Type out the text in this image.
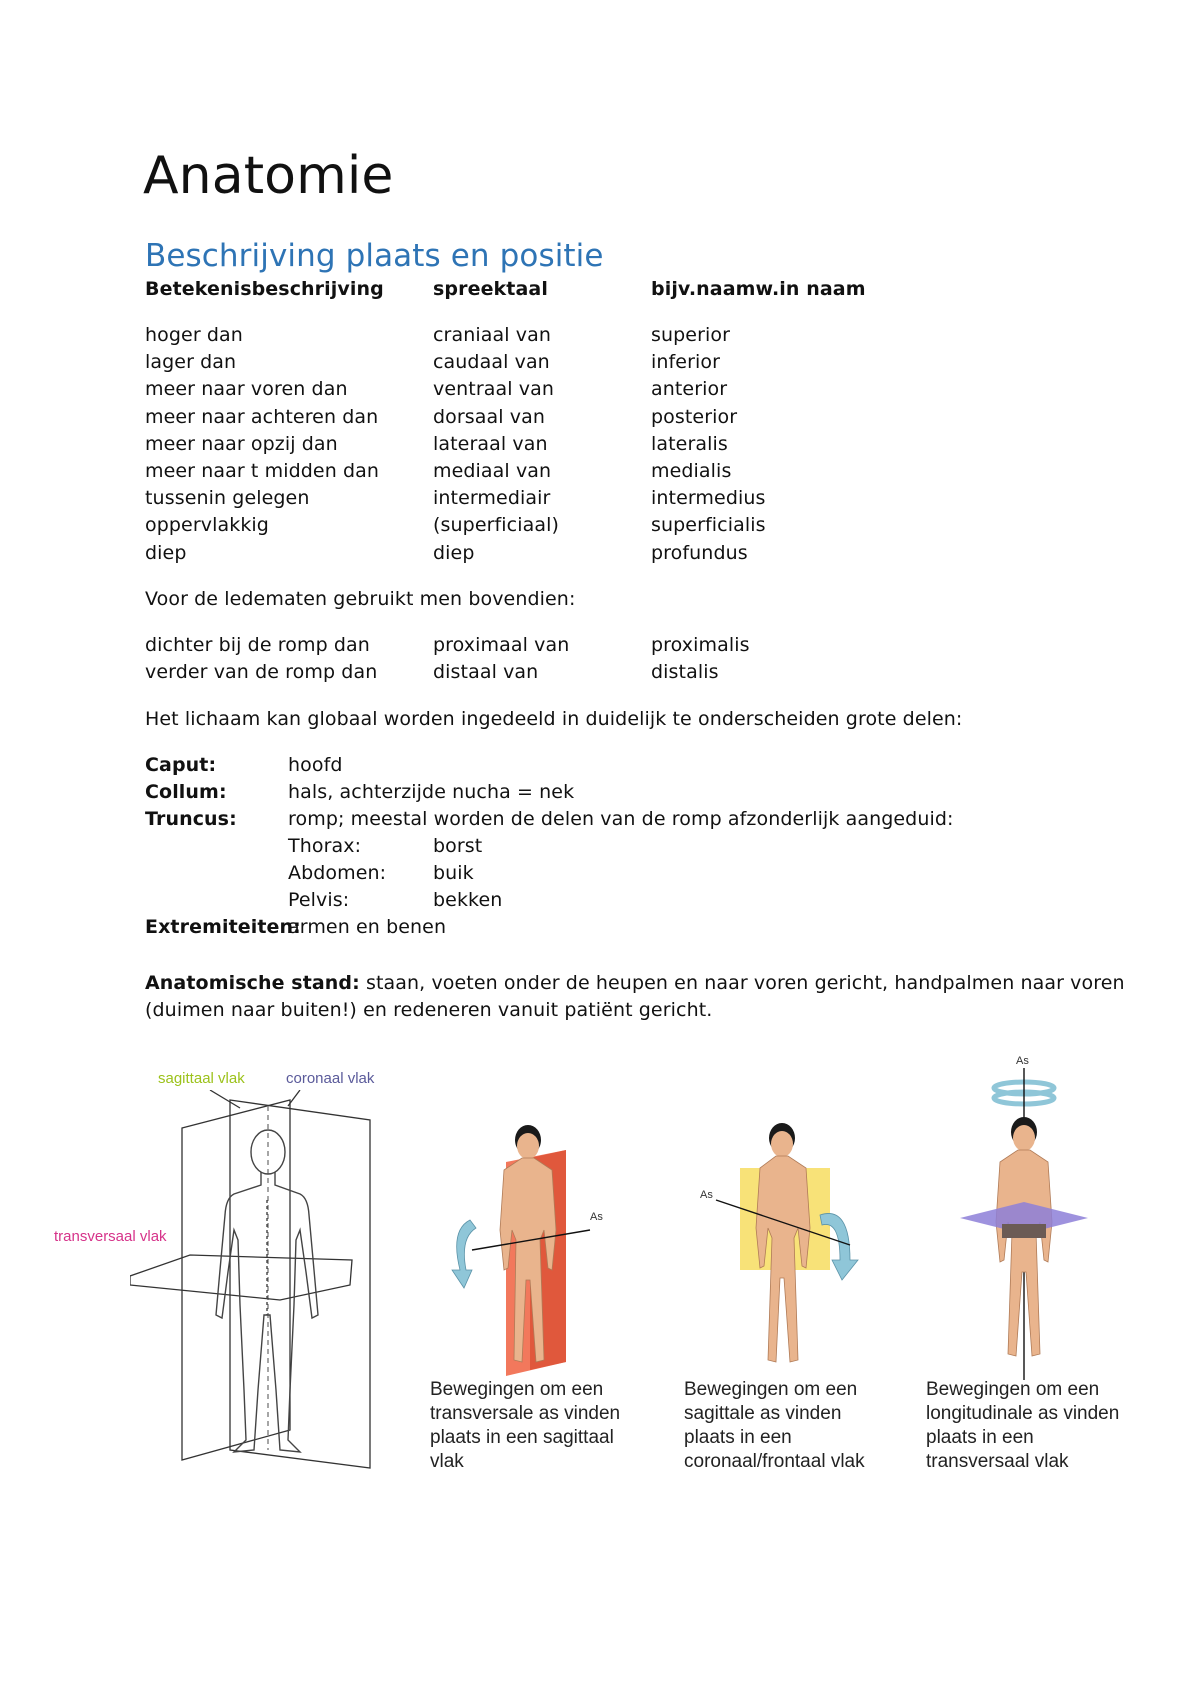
Anatomie
Beschrijving plaats en positie
Betekenisbeschrijving	spreektaal	bijv.naamw.in naam
hoger dan	craniaal van	superior
lager dan	caudaal van	inferior
meer naar voren dan	ventraal van	anterior
meer naar achteren dan	dorsaal van	posterior
meer naar opzij dan	lateraal van	lateralis
meer naar t midden dan	mediaal van	medialis
tussenin gelegen	intermediair	intermedius
oppervlakkig	(superficiaal)	superficialis
diep	diep	profundus
Voor de ledematen gebruikt men bovendien:
dichter bij de romp dan	proximaal van	proximalis
verder van de romp dan	distaal van	distalis
Het lichaam kan globaal worden ingedeeld in duidelijk te onderscheiden grote delen:
Caput:	hoofd
Collum:	hals, achterzijde nucha = nek
Truncus:	romp; meestal worden de delen van de romp afzonderlijk aangeduid:
Thorax:	borst
Abdomen: buik
Pelvis:	bekken
Extremiteiten:
armen en benen
Anatomische stand: staan, voeten onder de heupen en naar voren gericht, handpalmen naar voren
(duimen naar buiten!) en redeneren vanuit patiënt gericht.
sagittaal vlak	coronaal vlak
transversaal vlak
As
As
As
Bewegingen om een
transversale as vinden
plaats in een sagittaal
vlak
Bewegingen om een
sagittale as vinden
plaats in een
coronaal/frontaal vlak
Bewegingen om een
longitudinale as vinden
plaats in een
transversaal vlak
